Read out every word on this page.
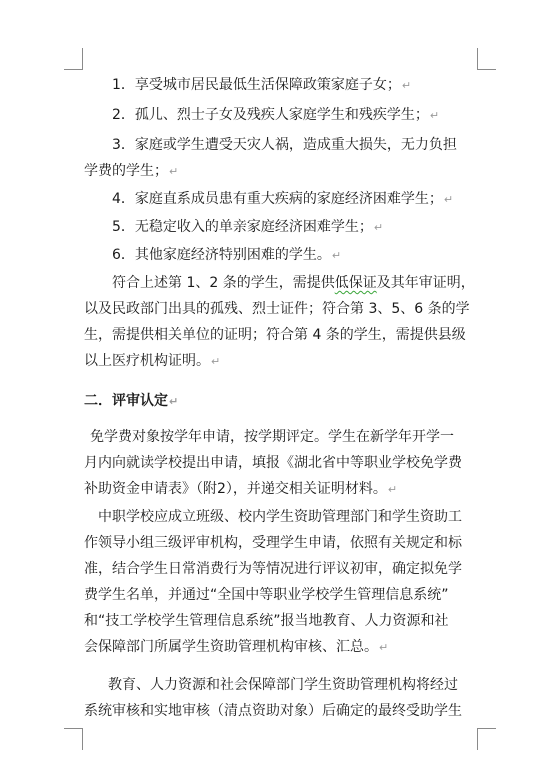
1．享受城市居民最低生活保障政策家庭子女；↵
2．孤儿、烈士子女及残疾人家庭学生和残疾学生；↵
3．家庭或学生遭受天灾人祸，造成重大损失，无力负担
学费的学生；↵
4．家庭直系成员患有重大疾病的家庭经济困难学生；↵
5．无稳定收入的单亲家庭经济困难学生；↵
6．其他家庭经济特别困难的学生。↵
符合上述第 1、2 条的学生，需提供低保证及其年审证明，
以及民政部门出具的孤残、烈士证件；符合第 3、5、6 条的学
生，需提供相关单位的证明；符合第 4 条的学生，需提供县级
以上医疗机构证明。↵
二．评审认定↵
免学费对象按学年申请，按学期评定。学生在新学年开学一
月内向就读学校提出申请，填报《湖北省中等职业学校免学费
补助资金申请表》（附2），并递交相关证明材料。↵
中职学校应成立班级、校内学生资助管理部门和学生资助工
作领导小组三级评审机构，受理学生申请，依照有关规定和标
准，结合学生日常消费行为等情况进行评议初审，确定拟免学
费学生名单，并通过“全国中等职业学校学生管理信息系统”
和“技工学校学生管理信息系统”报当地教育、人力资源和社
会保障部门所属学生资助管理机构审核、汇总。↵
教育、人力资源和社会保障部门学生资助管理机构将经过
系统审核和实地审核（清点资助对象）后确定的最终受助学生
